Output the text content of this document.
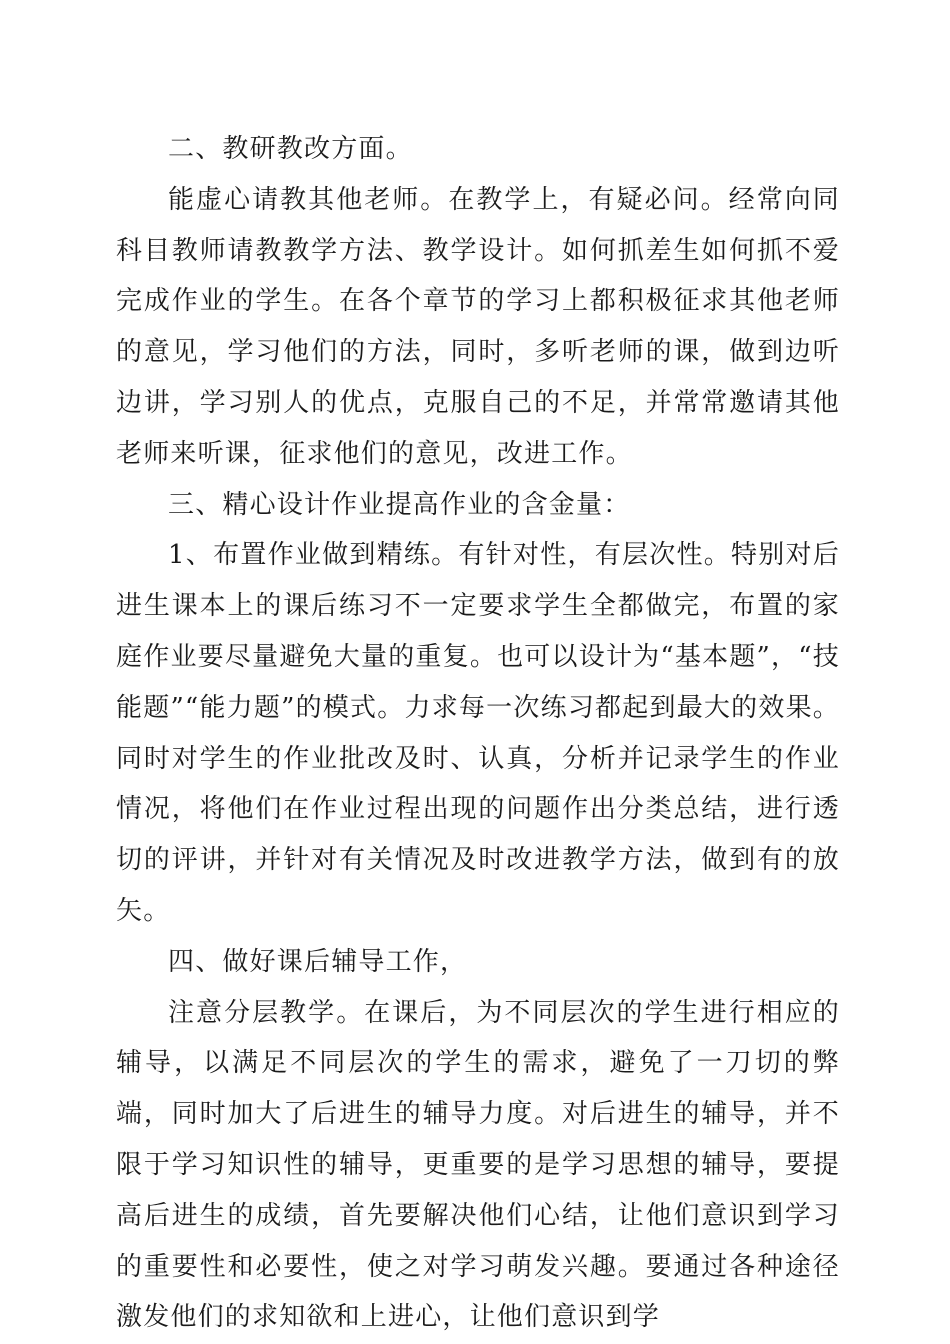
二、教研教改方面。

能虚心请教其他老师。在教学上，有疑必问。经常向同科目教师请教教学方法、教学设计。如何抓差生如何抓不爱完成作业的学生。在各个章节的学习上都积极征求其他老师的意见，学习他们的方法，同时，多听老师的课，做到边听边讲，学习别人的优点，克服自己的不足，并常常邀请其他老师来听课，征求他们的意见，改进工作。

三、精心设计作业提高作业的含金量：

1、布置作业做到精练。有针对性，有层次性。特别对后进生课本上的课后练习不一定要求学生全都做完，布置的家庭作业要尽量避免大量的重复。也可以设计为“基本题”，“技能题”“能力题”的模式。力求每一次练习都起到最大的效果。同时对学生的作业批改及时、认真，分析并记录学生的作业情况，将他们在作业过程出现的问题作出分类总结，进行透切的评讲，并针对有关情况及时改进教学方法，做到有的放矢。

四、做好课后辅导工作，

注意分层教学。在课后，为不同层次的学生进行相应的辅导，以满足不同层次的学生的需求，避免了一刀切的弊端，同时加大了后进生的辅导力度。对后进生的辅导，并不限于学习知识性的辅导，更重要的是学习思想的辅导，要提高后进生的成绩，首先要解决他们心结，让他们意识到学习的重要性和必要性，使之对学习萌发兴趣。要通过各种途径激发他们的求知欲和上进心，让他们意识到学
